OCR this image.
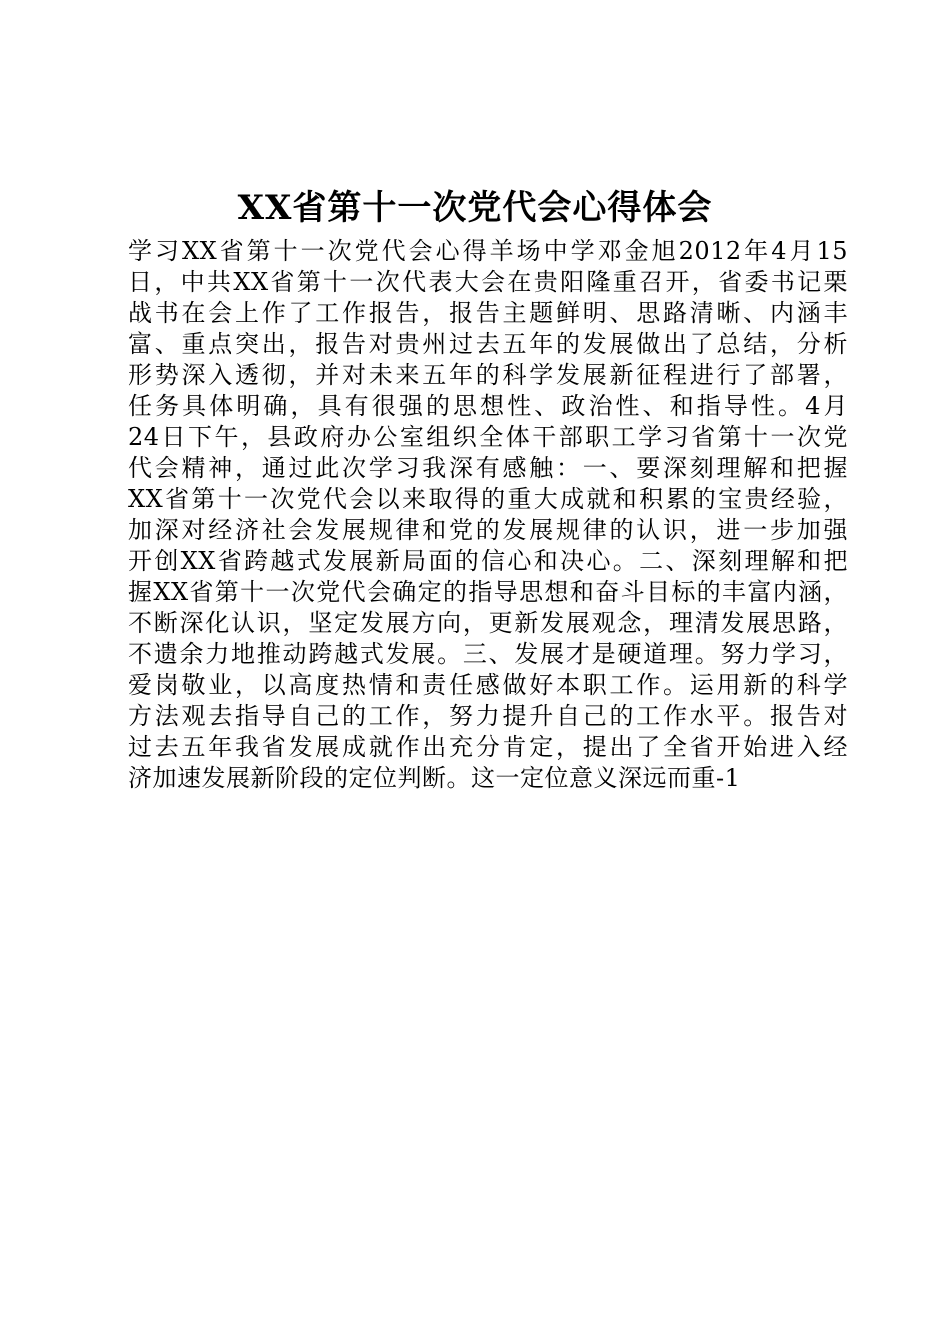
XX省第十一次党代会心得体会
学习XX省第十一次党代会心得羊场中学邓金旭2012年4月15
日，中共XX省第十一次代表大会在贵阳隆重召开，省委书记栗
战书在会上作了工作报告，报告主题鲜明、思路清晰、内涵丰
富、重点突出，报告对贵州过去五年的发展做出了总结，分析
形势深入透彻，并对未来五年的科学发展新征程进行了部署，
任务具体明确，具有很强的思想性、政治性、和指导性。4月
24日下午，县政府办公室组织全体干部职工学习省第十一次党
代会精神，通过此次学习我深有感触：一、要深刻理解和把握
XX省第十一次党代会以来取得的重大成就和积累的宝贵经验，
加深对经济社会发展规律和党的发展规律的认识，进一步加强
开创XX省跨越式发展新局面的信心和决心。二、深刻理解和把
握XX省第十一次党代会确定的指导思想和奋斗目标的丰富内涵，
不断深化认识，坚定发展方向，更新发展观念，理清发展思路，
不遗余力地推动跨越式发展。三、发展才是硬道理。努力学习，
爱岗敬业，以高度热情和责任感做好本职工作。运用新的科学
方法观去指导自己的工作，努力提升自己的工作水平。报告对
过去五年我省发展成就作出充分肯定，提出了全省开始进入经
济加速发展新阶段的定位判断。这一定位意义深远而重-1
